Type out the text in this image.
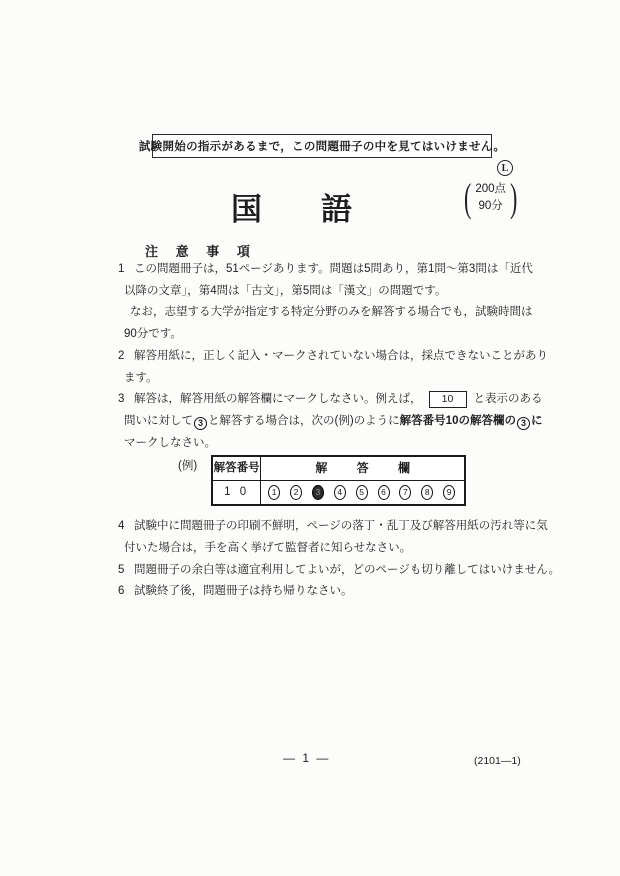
試験開始の指示があるまで，この問題冊子の中を見てはいけません。
L
国 語	( 200点
90分 )
注 意 事 項
1 この問題冊子は，51ページあります。問題は5問あり，第1問〜第3問は「近代
以降の文章」，第4問は「古文」，第5問は「漢文」の問題です。
なお，志望する大学が指定する特定分野のみを解答する場合でも，試験時間は
90分です。
2 解答用紙に，正しく記入・マークされていない場合は，採点できないことがあり
ます。
3 解答は，解答用紙の解答欄にマークしなさい。例えば， 10 と表示のある
問いに対して 3 と解答する場合は，次の(例)のように解答番号10の解答欄の 3 に
マークしなさい。
(例) 解答番号	解 答 欄
1 0	1	2	3	4	5	6	7	8	9
4 試験中に問題冊子の印刷不鮮明，ページの落丁・乱丁及び解答用紙の汚れ等に気
付いた場合は，手を高く挙げて監督者に知らせなさい。
5 問題冊子の余白等は適宜利用してよいが，どのページも切り離してはいけません。
6 試験終了後，問題冊子は持ち帰りなさい。
— 1 —	(2101—1)
